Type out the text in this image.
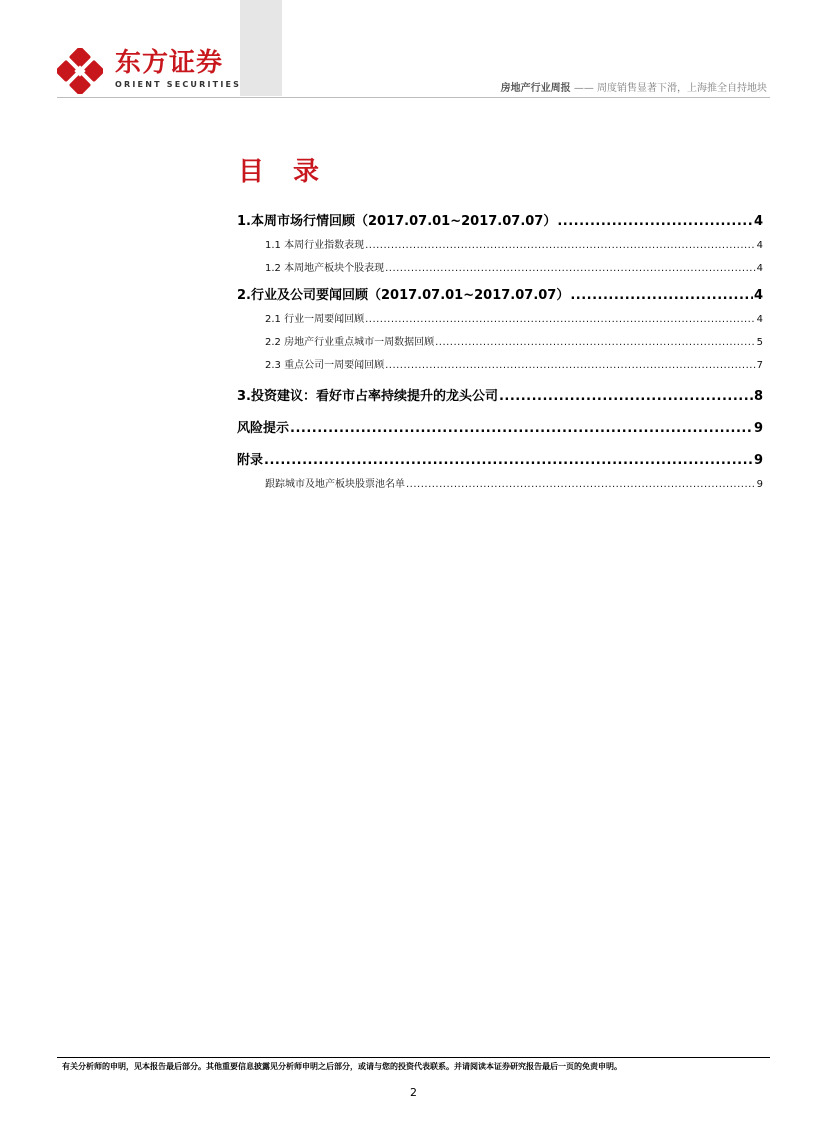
东方证券
ORIENT SECURITIES	房地产行业周报 —— 周度销售显著下滑，上海推全自持地块
目 录
1.本周市场行情回顾（2017.07.01~2017.07.07） .....	4
1.1 本周行业指数表现 .....	4
1.2 本周地产板块个股表现 .....	4
2.行业及公司要闻回顾（2017.07.01~2017.07.07） .....	4
2.1 行业一周要闻回顾 .....	4
2.2 房地产行业重点城市一周数据回顾 .....	5
2.3 重点公司一周要闻回顾 .....	7
3.投资建议：看好市占率持续提升的龙头公司 .....	8
风险提示 .....	9
附录 .....	9
跟踪城市及地产板块股票池名单 .....	9
有关分析师的申明，见本报告最后部分。其他重要信息披露见分析师申明之后部分，或请与您的投资代表联系。并请阅读本证券研究报告最后一页的免责申明。
2
